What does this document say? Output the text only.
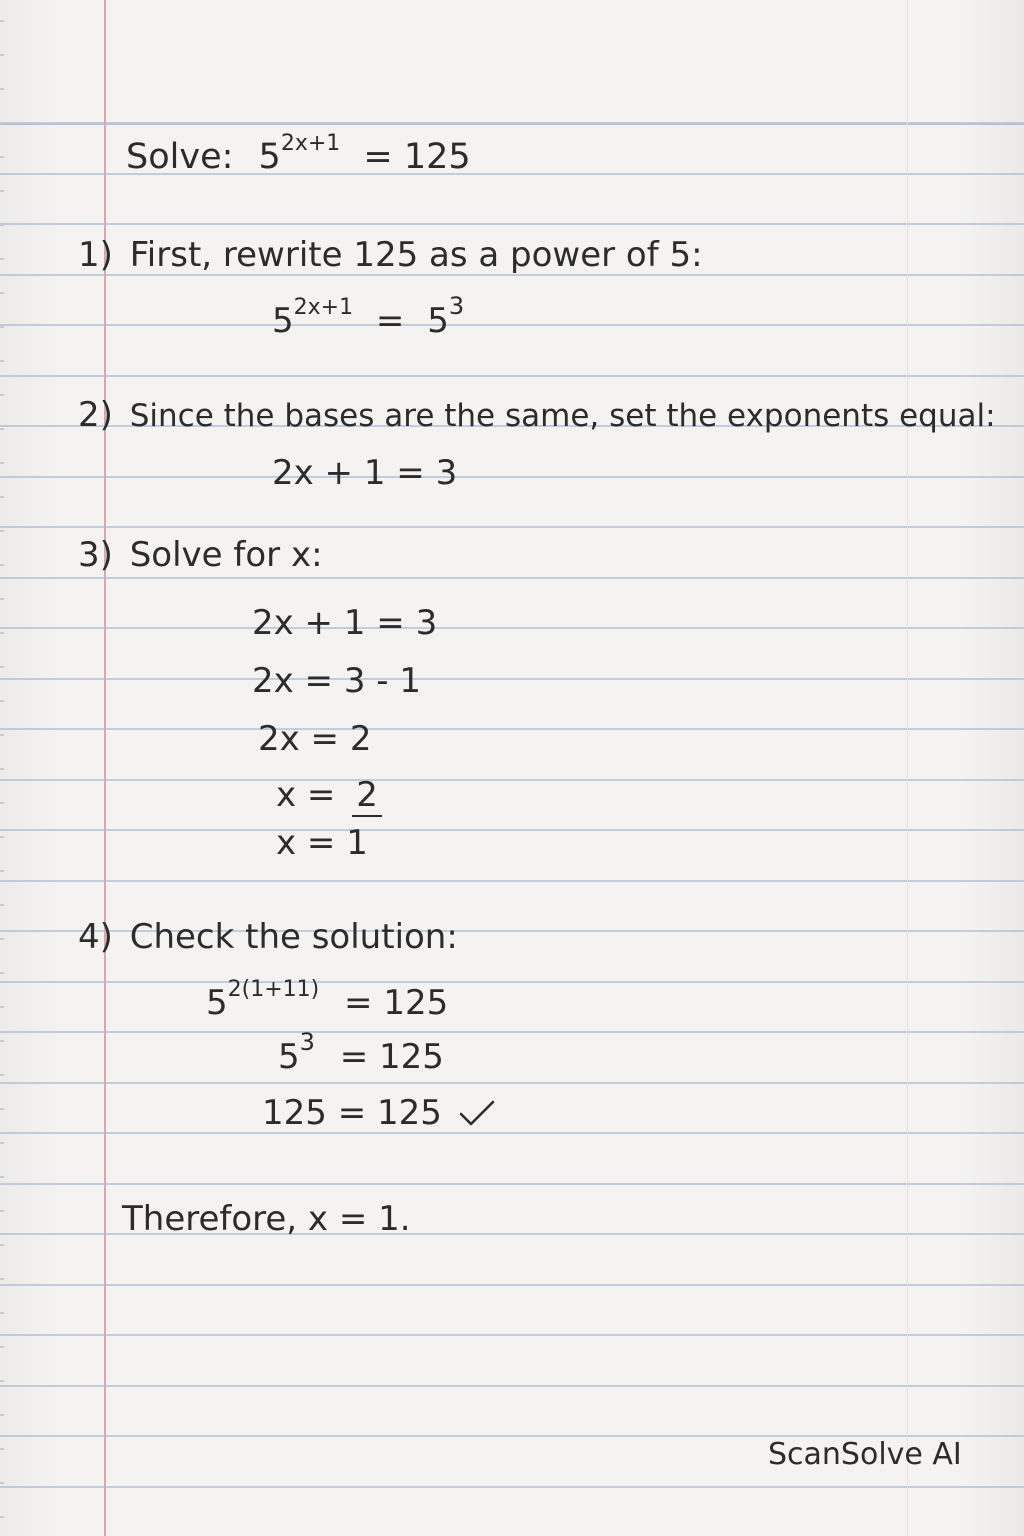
Solve: $5^{2x+1} = 125$
1) First, rewrite 125 as a power of 5:
$5^{2x+1} = 5^3$
2) Since the bases are the same, set the exponents equal:
2x + 1 = 3
3) Solve for x:
2x + 1 = 3
2x = 3 - 1
2x = 2
x = 2
x = 1
4) Check the solution:
$5^{2(1+11)} = 125$
$5^3 = 125$
125 = 125
Therefore, x = 1.
ScanSolve AI
